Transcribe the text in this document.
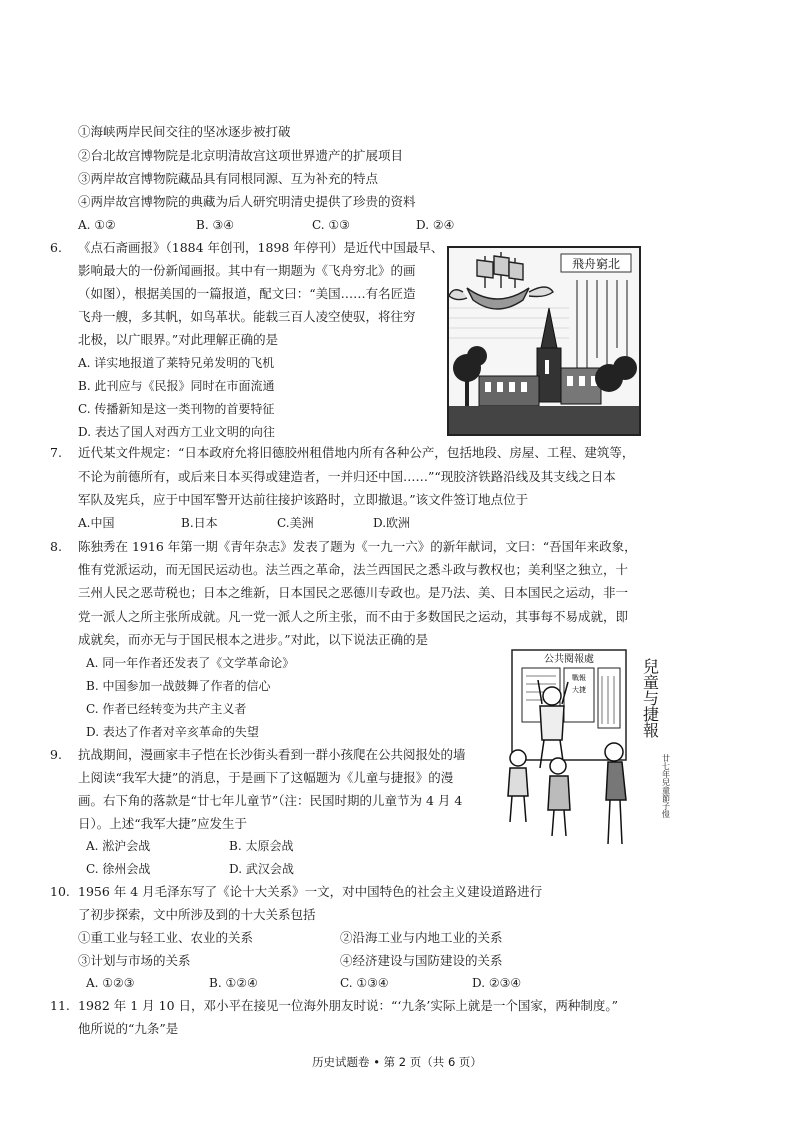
①海峡两岸民间交往的坚冰逐步被打破
②台北故宫博物院是北京明清故宫这项世界遗产的扩展项目
③两岸故宫博物院藏品具有同根同源、互为补充的特点
④两岸故宫博物院的典藏为后人研究明清史提供了珍贵的资料
A. ①②	B. ③④	C. ①③	D. ②④
6. 《点石斋画报》（1884 年创刊，1898 年停刊）是近代中国最早、
影响最大的一份新闻画报。其中有一期题为《飞舟穷北》的画
（如图），根据美国的一篇报道，配文曰：“美国……有名匠造
飞舟一艘，多其帆，如鸟革状。能载三百人凌空使驭，将往穷
北极，以广眼界。”对此理解正确的是
A. 详实地报道了莱特兄弟发明的飞机
B. 此刊应与《民报》同时在市面流通
C. 传播新知是这一类刊物的首要特征
D. 表达了国人对西方工业文明的向往
飛舟窮北
7. 近代某文件规定：“日本政府允将旧德胶州租借地内所有各种公产，包括地段、房屋、工程、建筑等，
不论为前德所有，或后来日本买得或建造者，一并归还中国……”“现胶济铁路沿线及其支线之日本
军队及宪兵，应于中国军警开达前往接护该路时，立即撤退。”该文件签订地点位于
A.中国	B.日本	C.美洲	D.欧洲
8. 陈独秀在 1916 年第一期《青年杂志》发表了题为《一九一六》的新年献词，文曰：“吾国年来政象，
惟有党派运动，而无国民运动也。法兰西之革命，法兰西国民之悉斗政与教权也；美利坚之独立，十
三州人民之恶苛税也；日本之维新，日本国民之恶德川专政也。是乃法、美、日本国民之运动，非一
党一派人之所主张所成就。凡一党一派人之所主张，而不由于多数国民之运动，其事每不易成就，即
成就矣，而亦无与于国民根本之进步。”对此，以下说法正确的是
A. 同一年作者还发表了《文学革命论》
B. 中国参加一战鼓舞了作者的信心
C. 作者已经转变为共产主义者
D. 表达了作者对辛亥革命的失望
公共閱報處
戰報
大捷	兒童与捷報
廿七年兒童節子愷
9. 抗战期间，漫画家丰子恺在长沙街头看到一群小孩爬在公共阅报处的墙
上阅读“我军大捷”的消息，于是画下了这幅题为《儿童与捷报》的漫
画。右下角的落款是“廿七年儿童节”（注：民国时期的儿童节为 4 月 4
日）。上述“我军大捷”应发生于
A. 淞沪会战	B. 太原会战
C. 徐州会战	D. 武汉会战
10. 1956 年 4 月毛泽东写了《论十大关系》一文，对中国特色的社会主义建设道路进行
了初步探索，文中所涉及到的十大关系包括
①重工业与轻工业、农业的关系	②沿海工业与内地工业的关系
③计划与市场的关系	④经济建设与国防建设的关系
A. ①②③	B. ①②④	C. ①③④	D. ②③④
11. 1982 年 1 月 10 日，邓小平在接见一位海外朋友时说：“‘九条’实际上就是一个国家，两种制度。”
他所说的“九条”是
历史试题卷 • 第 2 页（共 6 页）
